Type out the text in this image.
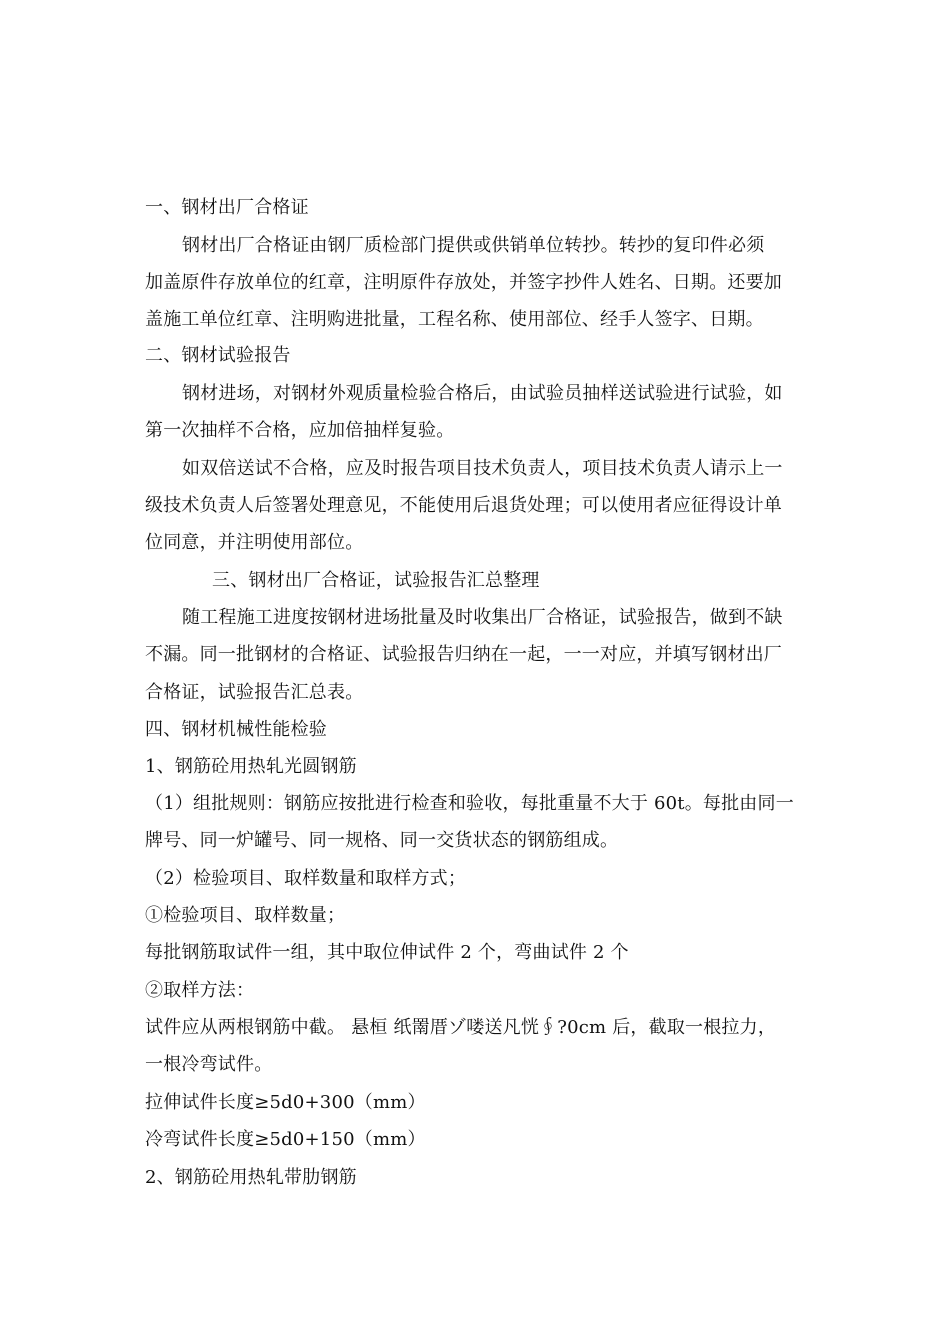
一、钢材出厂合格证
钢材出厂合格证由钢厂质检部门提供或供销单位转抄。转抄的复印件必须
加盖原件存放单位的红章，注明原件存放处，并签字抄件人姓名、日期。还要加
盖施工单位红章、注明购进批量，工程名称、使用部位、经手人签字、日期。
二、钢材试验报告
钢材进场，对钢材外观质量检验合格后，由试验员抽样送试验进行试验，如
第一次抽样不合格，应加倍抽样复验。
如双倍送试不合格，应及时报告项目技术负责人，项目技术负责人请示上一
级技术负责人后签署处理意见，不能使用后退货处理；可以使用者应征得设计单
位同意，并注明使用部位。
三、钢材出厂合格证，试验报告汇总整理
随工程施工进度按钢材进场批量及时收集出厂合格证，试验报告，做到不缺
不漏。同一批钢材的合格证、试验报告归纳在一起，一一对应，并填写钢材出厂
合格证，试验报告汇总表。
四、钢材机械性能检验
1、钢筋砼用热轧光圆钢筋
（1）组批规则：钢筋应按批进行检查和验收，每批重量不大于 60t。每批由同一
牌号、同一炉罐号、同一规格、同一交货状态的钢筋组成。
（2）检验项目、取样数量和取样方式；
①检验项目、取样数量；
每批钢筋取试件一组，其中取位伸试件 2 个，弯曲试件 2 个
②取样方法：
试件应从两根钢筋中截。 悬桓 纸罱厝ゾ喽送凡恍∮?0cm 后，截取一根拉力，
一根冷弯试件。
拉伸试件长度≥5d0+300（mm）
冷弯试件长度≥5d0+150（mm）
2、钢筋砼用热轧带肋钢筋
